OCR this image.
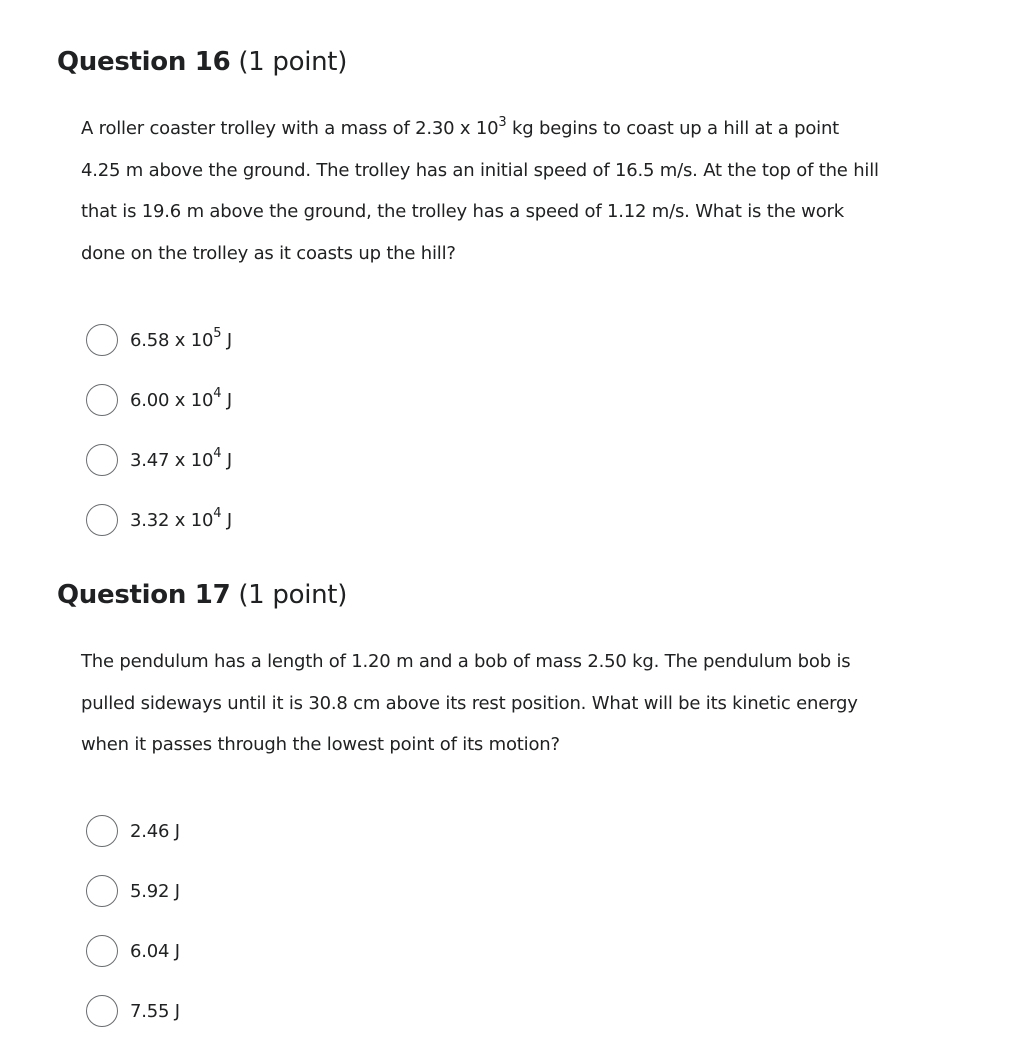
Question 16 (1 point)

A roller coaster trolley with a mass of 2.30 x $10^3$ kg begins to coast up a hill at a point 4.25 m above the ground. The trolley has an initial speed of 16.5 m/s. At the top of the hill that is 19.6 m above the ground, the trolley has a speed of 1.12 m/s. What is the work done on the trolley as it coasts up the hill?

6.58 x $10^5$ J
6.00 x $10^4$ J
3.47 x $10^4$ J
3.32 x $10^4$ J
Question 17 (1 point)

The pendulum has a length of 1.20 m and a bob of mass 2.50 kg. The pendulum bob is pulled sideways until it is 30.8 cm above its rest position. What will be its kinetic energy when it passes through the lowest point of its motion?

2.46 J
5.92 J
6.04 J
7.55 J
